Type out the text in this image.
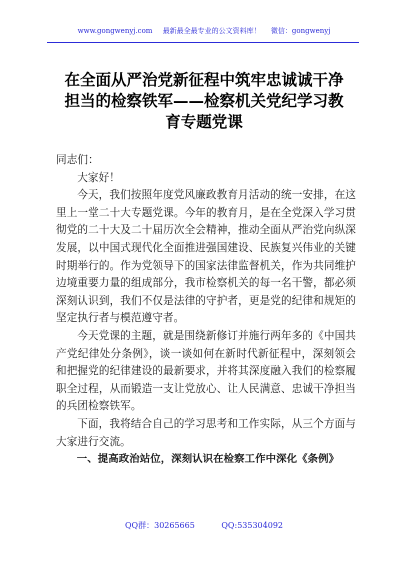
www.gongwenyj.com 最新最全最专业的公文资料库！ 微信：gongwenyj
在全面从严治党新征程中筑牢忠诚诚干净
担当的检察铁军——检察机关党纪学习教
育专题党课

同志们：

大家好！

今天，我们按照年度党风廉政教育月活动的统一安排，在这里上一堂二十大专题党课。今年的教育月，是在全党深入学习贯彻党的二十大及二十届历次全会精神，推动全面从严治党向纵深发展，以中国式现代化全面推进强国建设、民族复兴伟业的关键时期举行的。作为党领导下的国家法律监督机关，作为共同维护边境重要力量的组成部分，我市检察机关的每一名干警，都必须深刻认识到，我们不仅是法律的守护者，更是党的纪律和规矩的坚定执行者与模范遵守者。

今天党课的主题，就是围绕新修订并施行两年多的《中国共产党纪律处分条例》，谈一谈如何在新时代新征程中，深刻领会和把握党的纪律建设的最新要求，并将其深度融入我们的检察履职全过程，从而锻造一支让党放心、让人民满意、忠诚干净担当的兵团检察铁军。

下面，我将结合自己的学习思考和工作实际，从三个方面与大家进行交流。

一、提高政治站位，深刻认识在检察工作中深化《条例》

QQ群：30265665	QQ:535304092
